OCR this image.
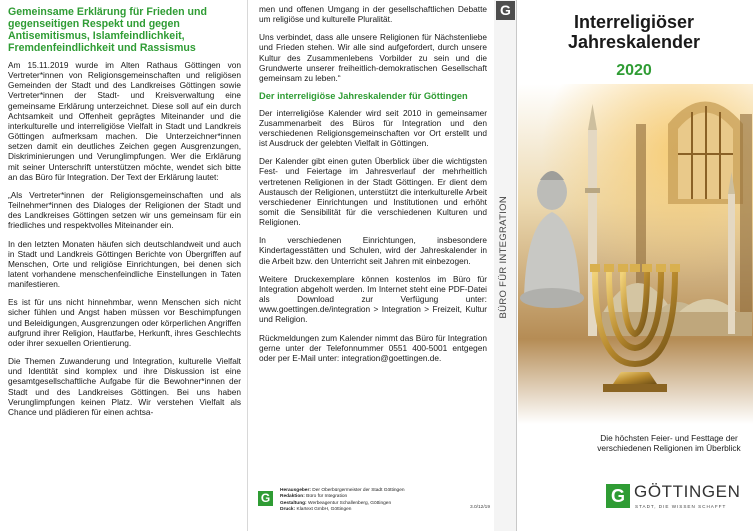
Gemeinsame Erklärung für Frieden und gegenseitigen Respekt und gegen Antisemitismus, Islamfeindlichkeit, Fremdenfeindlichkeit und Rassismus
Am 15.11.2019 wurde im Alten Rathaus Göttingen von Vertreter*innen von Religionsgemeinschaften und religiösen Gemeinden der Stadt und des Landkreises Göttingen sowie Vertreter*innen der Stadt- und Kreisverwaltung eine gemeinsame Erklärung unterzeichnet. Diese soll auf ein durch Achtsamkeit und Offenheit geprägtes Miteinander und die interkulturelle und interreligiöse Vielfalt in Stadt und Landkreis Göttingen aufmerksam machen. Die Unterzeichner*innen setzen damit ein deutliches Zeichen gegen Ausgrenzungen, Diskriminierungen und Verunglimpfungen. Wer die Erklärung mit seiner Unterschrift unterstützen möchte, wendet sich bitte an das Büro für Integration. Der Text der Erklärung lautet:
„Als Vertreter*innen der Religionsgemeinschaften und als Teilnehmer*innen des Dialoges der Religionen der Stadt und des Landkreises Göttingen setzen wir uns gemeinsam für ein friedliches und respektvolles Miteinander ein.
In den letzten Monaten häufen sich deutschlandweit und auch in Stadt und Landkreis Göttingen Berichte von Übergriffen auf Menschen, Orte und religiöse Einrichtungen, bei denen sich latent vorhandene menschenfeindliche Einstellungen in Taten manifestieren.
Es ist für uns nicht hinnehmbar, wenn Menschen sich nicht sicher fühlen und Angst haben müssen vor Beschimpfungen und Beleidigungen, Ausgrenzungen oder körperlichen Angriffen aufgrund ihrer Religion, Hautfarbe, Herkunft, ihres Geschlechts oder ihrer sexuellen Orientierung.
Die Themen Zuwanderung und Integration, kulturelle Vielfalt und Identität sind komplex und ihre Diskussion ist eine gesamtgesellschaftliche Aufgabe für die Bewohner*innen der Stadt und des Landkreises Göttingen. Bei uns haben Verunglimpfungen keinen Platz. Wir verstehen Vielfalt als Chance und plädieren für einen achtsa-
men und offenen Umgang in der gesellschaftlichen Debatte um religiöse und kulturelle Pluralität.
Uns verbindet, dass alle unsere Religionen für Nächstenliebe und Frieden stehen. Wir alle sind aufgefordert, durch unsere Kultur des Zusammenlebens Vorbilder zu sein und die Grundwerte unserer freiheitlich-demokratischen Gesellschaft gemeinsam zu leben.“
Der interreligiöse Jahreskalender für Göttingen
Der interreligiöse Kalender wird seit 2010 in gemeinsamer Zusammenarbeit des Büros für Integration und den verschiedenen Religionsgemeinschaften vor Ort erstellt und ist Ausdruck der gelebten Vielfalt in Göttingen.
Der Kalender gibt einen guten Überblick über die wichtigsten Fest- und Feiertage im Jahresverlauf der mehrheitlich vertretenen Religionen in der Stadt Göttingen. Er dient dem Austausch der Religionen, unterstützt die interkulturelle Arbeit verschiedener Einrichtungen und Institutionen und erhöht somit die Sensibilität für die verschiedenen Kulturen und Religionen.
In verschiedenen Einrichtungen, insbesondere Kindertagesstätten und Schulen, wird der Jahreskalender in die Arbeit bzw. den Unterricht seit Jahren mit einbezogen.
Weitere Druckexemplare können kostenlos im Büro für Integration abgeholt werden. Im Internet steht eine PDF-Datei als Download zur Verfügung unter: www.goettingen.de/integration > Integration > Freizeit, Kultur und Religion.
Rückmeldungen zum Kalender nimmt das Büro für Integration gerne unter der Telefonnummer 0551 400-5001 entgegen oder per E-Mail unter: integration@goettingen.de.
G
Herausgeber: Der Oberbürgermeister der Stadt Göttingen
Redaktion: Büro für Integration
Gestaltung: Werbeagentur Schallenberg, Göttingen
Druck: Klartext GmbH, Göttingen	3.0/12/19
G
BÜRO FÜR INTEGRATION
Interreligiöser
Jahreskalender
2020
Die höchsten Feier- und Festtage der verschiedenen Religionen im Überblick
G GÖTTINGEN
STADT, DIE WISSEN SCHAFFT
